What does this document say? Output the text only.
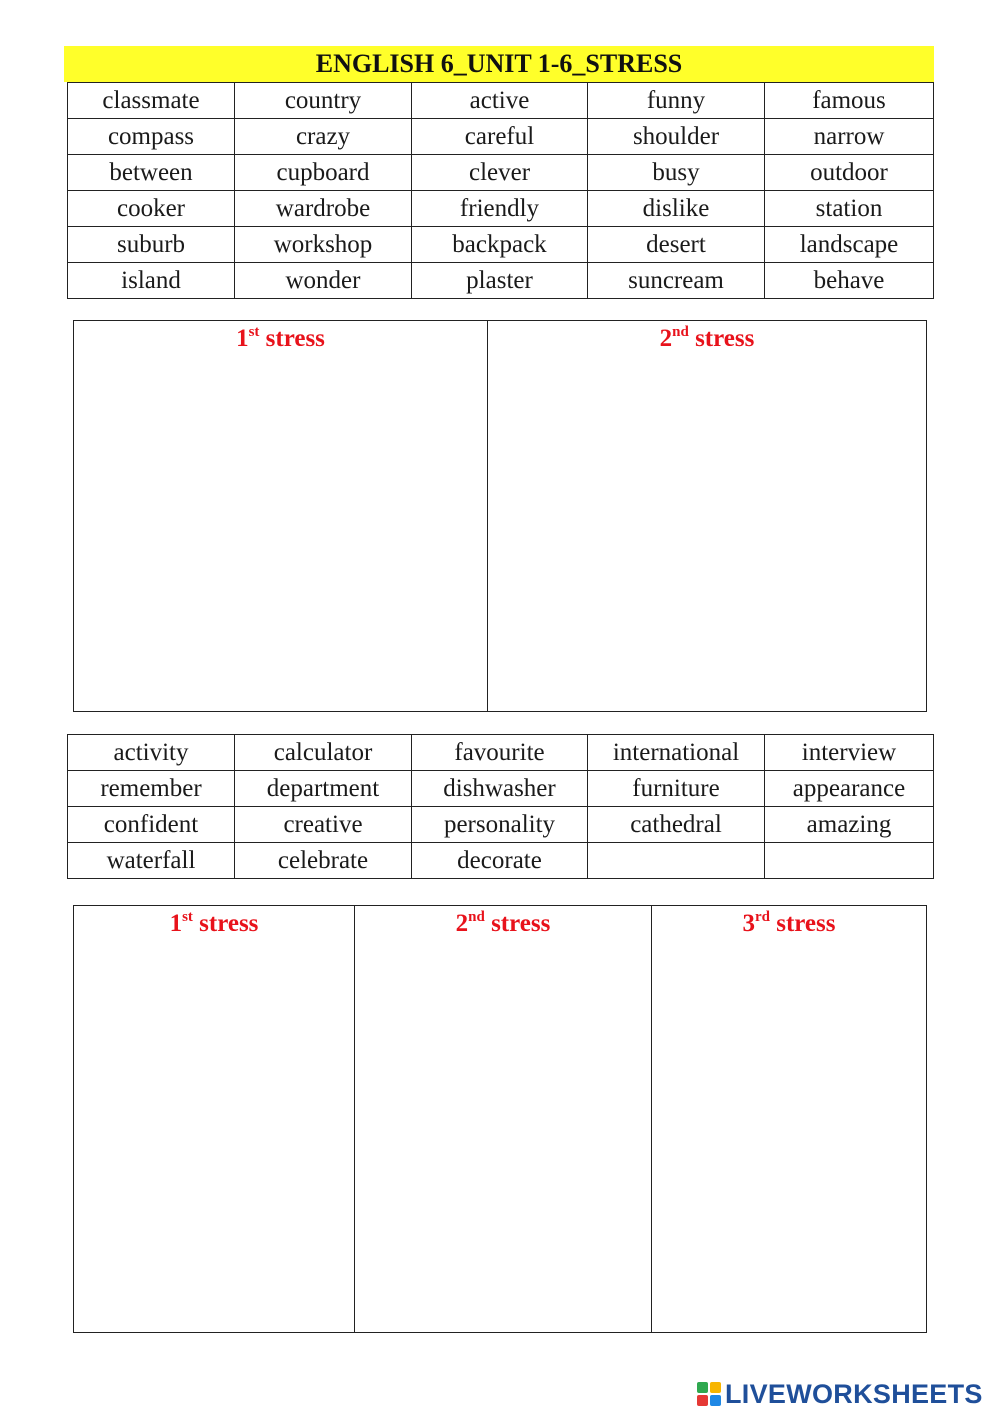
ENGLISH 6_UNIT 1-6_STRESS
classmate	country	active	funny	famous
compass	crazy	careful	shoulder	narrow
between	cupboard	clever	busy	outdoor
cooker	wardrobe	friendly	dislike	station
suburb	workshop	backpack	desert	landscape
island	wonder	plaster	suncream	behave
1st stress	2nd stress
activity	calculator	favourite	international	interview
remember	department	dishwasher	furniture	appearance
confident	creative	personality	cathedral	amazing
waterfall	celebrate	decorate		
1st stress	2nd stress	3rd stress
LIVEWORKSHEETS
